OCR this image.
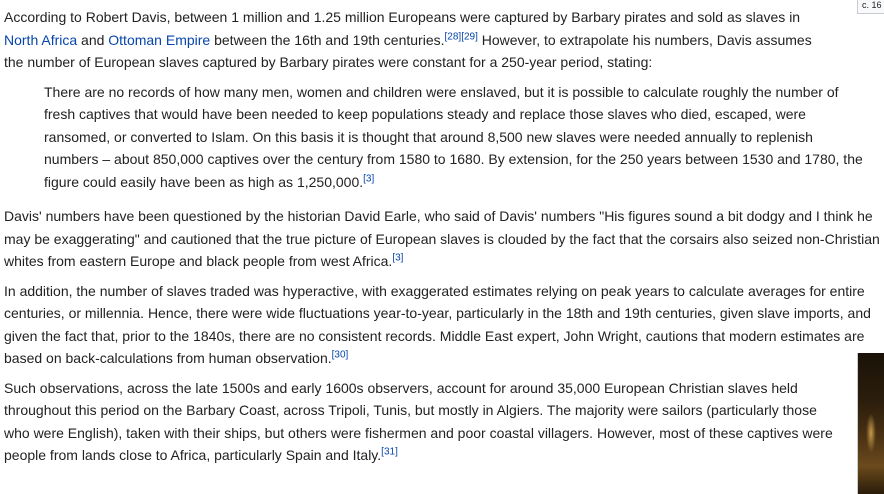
c. 16

According to Robert Davis, between 1 million and 1.25 million Europeans were captured by Barbary pirates and sold as slaves in North Africa and Ottoman Empire between the 16th and 19th centuries.[28][29] However, to extrapolate his numbers, Davis assumes the number of European slaves captured by Barbary pirates were constant for a 250-year period, stating:

There are no records of how many men, women and children were enslaved, but it is possible to calculate roughly the number of fresh captives that would have been needed to keep populations steady and replace those slaves who died, escaped, were ransomed, or converted to Islam. On this basis it is thought that around 8,500 new slaves were needed annually to replenish numbers – about 850,000 captives over the century from 1580 to 1680. By extension, for the 250 years between 1530 and 1780, the figure could easily have been as high as 1,250,000.[3]

Davis' numbers have been questioned by the historian David Earle, who said of Davis' numbers "His figures sound a bit dodgy and I think he may be exaggerating" and cautioned that the true picture of European slaves is clouded by the fact that the corsairs also seized non-Christian whites from eastern Europe and black people from west Africa.[3]

In addition, the number of slaves traded was hyperactive, with exaggerated estimates relying on peak years to calculate averages for entire centuries, or millennia. Hence, there were wide fluctuations year-to-year, particularly in the 18th and 19th centuries, given slave imports, and given the fact that, prior to the 1840s, there are no consistent records. Middle East expert, John Wright, cautions that modern estimates are based on back-calculations from human observation.[30]

Such observations, across the late 1500s and early 1600s observers, account for around 35,000 European Christian slaves held throughout this period on the Barbary Coast, across Tripoli, Tunis, but mostly in Algiers. The majority were sailors (particularly those who were English), taken with their ships, but others were fishermen and poor coastal villagers. However, most of these captives were people from lands close to Africa, particularly Spain and Italy.[31]
